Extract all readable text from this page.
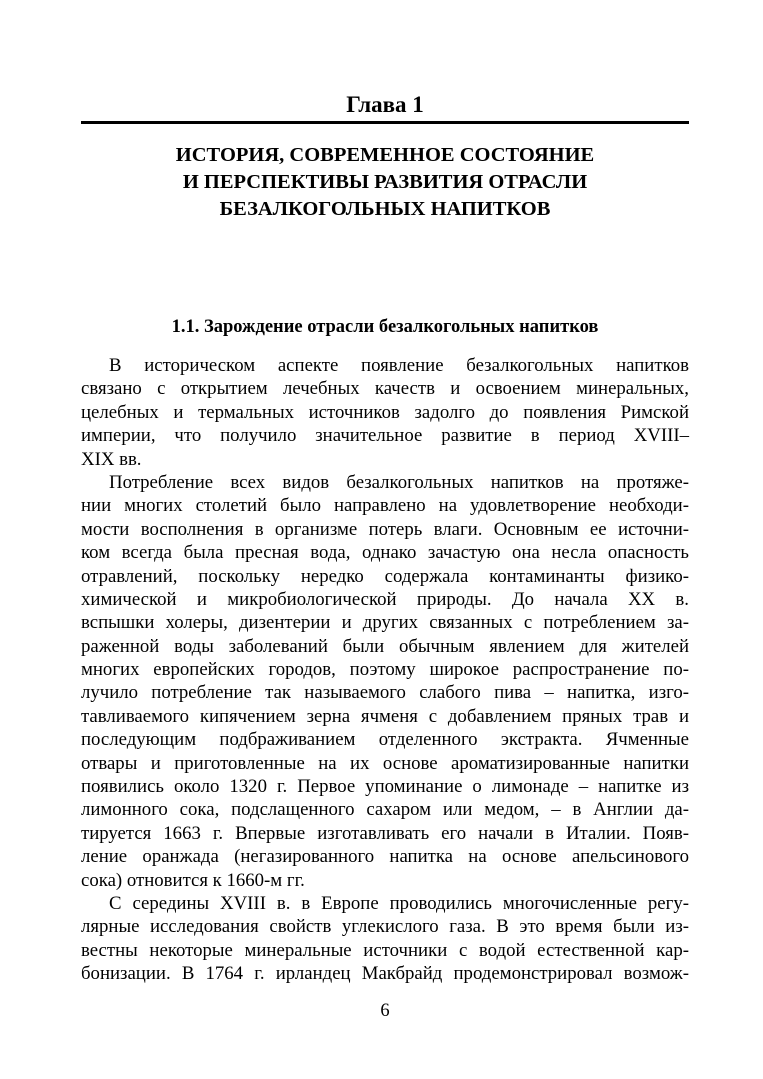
Глава 1
ИСТОРИЯ, СОВРЕМЕННОЕ СОСТОЯНИЕ
И ПЕРСПЕКТИВЫ РАЗВИТИЯ ОТРАСЛИ
БЕЗАЛКОГОЛЬНЫХ НАПИТКОВ
1.1. Зарождение отрасли безалкогольных напитков
В историческом аспекте появление безалкогольных напитков
связано с открытием лечебных качеств и освоением минеральных,
целебных и термальных источников задолго до появления Римской
империи, что получило значительное развитие в период XVIII–
XIX вв.
Потребление всех видов безалкогольных напитков на протяже-
нии многих столетий было направлено на удовлетворение необходи-
мости восполнения в организме потерь влаги. Основным ее источни-
ком всегда была пресная вода, однако зачастую она несла опасность
отравлений, поскольку нередко содержала контаминанты физико-
химической и микробиологической природы. До начала XX в.
вспышки холеры, дизентерии и других связанных с потреблением за-
раженной воды заболеваний были обычным явлением для жителей
многих европейских городов, поэтому широкое распространение по-
лучило потребление так называемого слабого пива – напитка, изго-
тавливаемого кипячением зерна ячменя с добавлением пряных трав и
последующим подбраживанием отделенного экстракта. Ячменные
отвары и приготовленные на их основе ароматизированные напитки
появились около 1320 г. Первое упоминание о лимонаде – напитке из
лимонного сока, подслащенного сахаром или медом, – в Англии да-
тируется 1663 г. Впервые изготавливать его начали в Италии. Появ-
ление оранжада (негазированного напитка на основе апельсинового
сока) отновится к 1660-м гг.
С середины XVIII в. в Европе проводились многочисленные регу-
лярные исследования свойств углекислого газа. В это время были из-
вестны некоторые минеральные источники с водой естественной кар-
бонизации. В 1764 г. ирландец Макбрайд продемонстрировал возмож-
6
